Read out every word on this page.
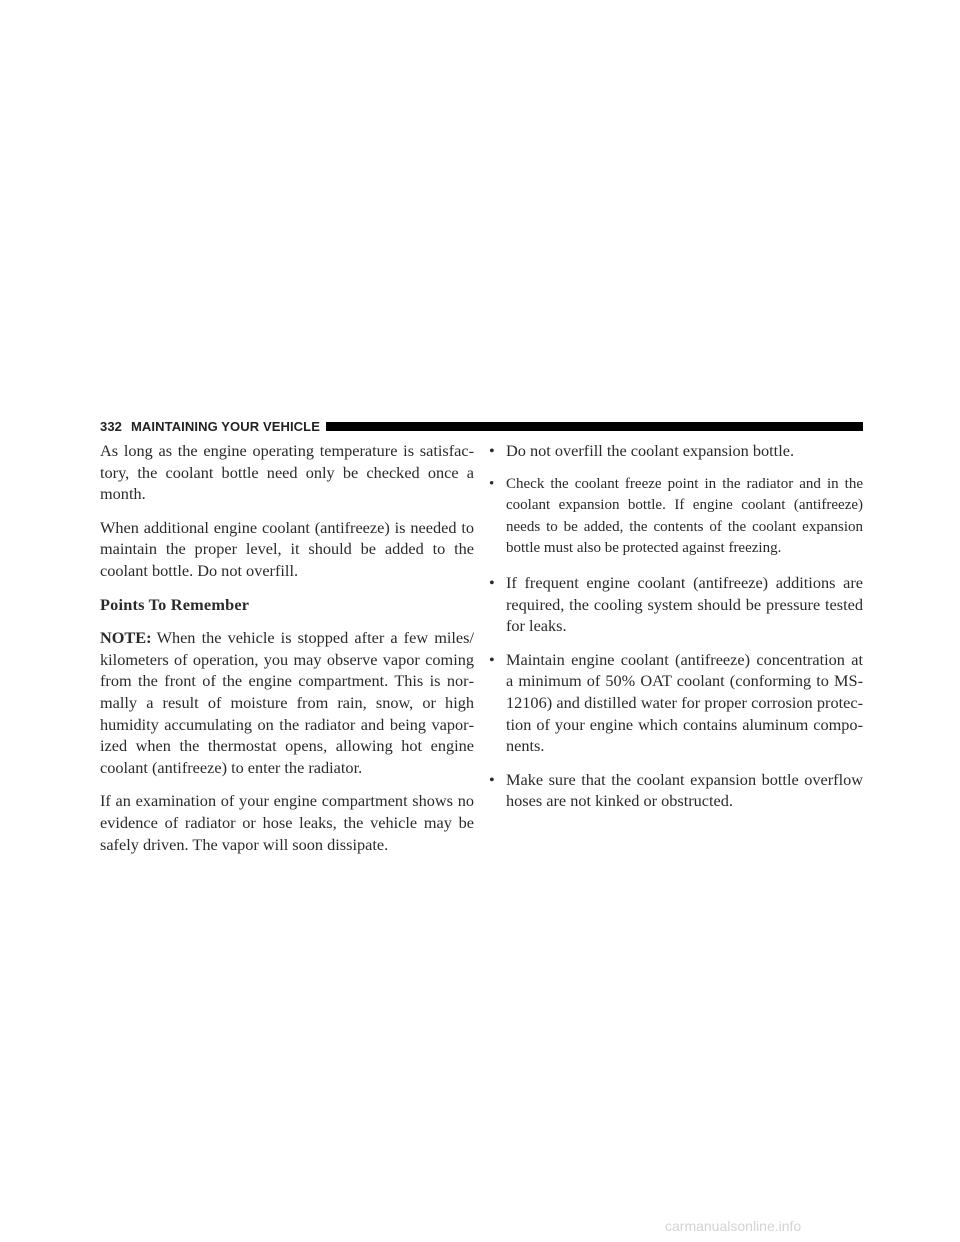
332 MAINTAINING YOUR VEHICLE

As long as the engine operating temperature is satisfactory, the coolant bottle need only be checked once a month.

When additional engine coolant (antifreeze) is needed to maintain the proper level, it should be added to the coolant bottle. Do not overfill.

Points To Remember

NOTE: When the vehicle is stopped after a few miles/ kilometers of operation, you may observe vapor coming from the front of the engine compartment. This is normally a result of moisture from rain, snow, or high humidity accumulating on the radiator and being vaporized when the thermostat opens, allowing hot engine coolant (antifreeze) to enter the radiator.

If an examination of your engine compartment shows no evidence of radiator or hose leaks, the vehicle may be safely driven. The vapor will soon dissipate.

• Do not overfill the coolant expansion bottle.
• Check the coolant freeze point in the radiator and in the coolant expansion bottle. If engine coolant (antifreeze) needs to be added, the contents of the coolant expansion bottle must also be protected against freezing.
• If frequent engine coolant (antifreeze) additions are required, the cooling system should be pressure tested for leaks.
• Maintain engine coolant (antifreeze) concentration at a minimum of 50% OAT coolant (conforming to MS-12106) and distilled water for proper corrosion protection of your engine which contains aluminum components.
• Make sure that the coolant expansion bottle overflow hoses are not kinked or obstructed.
carmanualsonline.info
